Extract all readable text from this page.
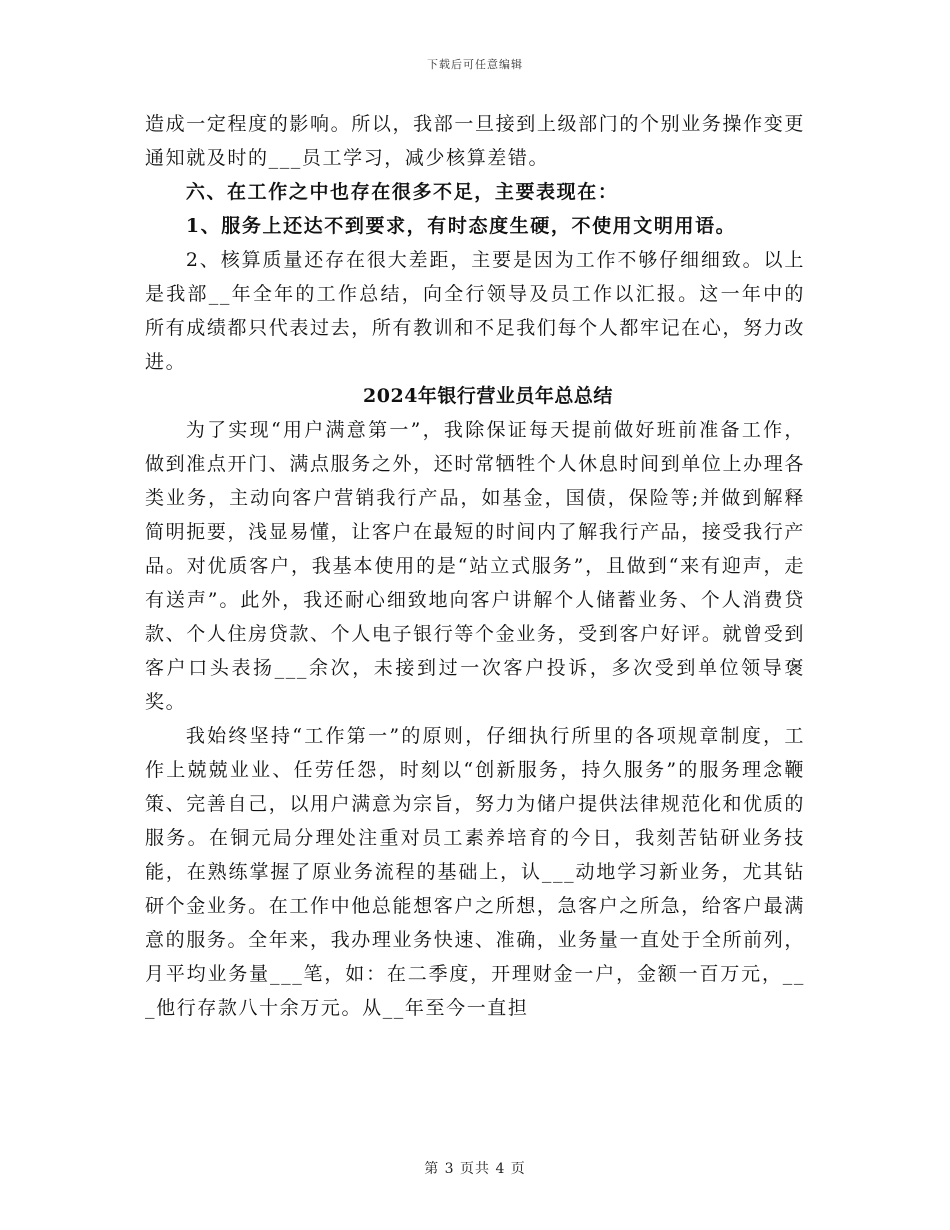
下载后可任意编辑

造成一定程度的影响。所以，我部一旦接到上级部门的个别业务操作变更通知就及时的___员工学习，减少核算差错。

六、在工作之中也存在很多不足，主要表现在：

1、服务上还达不到要求，有时态度生硬，不使用文明用语。

2、核算质量还存在很大差距，主要是因为工作不够仔细细致。以上是我部__年全年的工作总结，向全行领导及员工作以汇报。这一年中的所有成绩都只代表过去，所有教训和不足我们每个人都牢记在心，努力改进。

2024年银行营业员年总总结

为了实现“用户满意第一”，我除保证每天提前做好班前准备工作，做到准点开门、满点服务之外，还时常牺牲个人休息时间到单位上办理各类业务，主动向客户营销我行产品，如基金，国债，保险等;并做到解释简明扼要，浅显易懂，让客户在最短的时间内了解我行产品，接受我行产品。对优质客户，我基本使用的是“站立式服务”，且做到“来有迎声，走有送声”。此外，我还耐心细致地向客户讲解个人储蓄业务、个人消费贷款、个人住房贷款、个人电子银行等个金业务，受到客户好评。就曾受到客户口头表扬___余次，未接到过一次客户投诉，多次受到单位领导褒奖。

我始终坚持“工作第一”的原则，仔细执行所里的各项规章制度，工作上兢兢业业、任劳任怨，时刻以“创新服务，持久服务”的服务理念鞭策、完善自己，以用户满意为宗旨，努力为储户提供法律规范化和优质的服务。在铜元局分理处注重对员工素养培育的今日，我刻苦钻研业务技能，在熟练掌握了原业务流程的基础上，认___动地学习新业务，尤其钻研个金业务。在工作中他总能想客户之所想，急客户之所急，给客户最满意的服务。全年来，我办理业务快速、准确，业务量一直处于全所前列，月平均业务量___笔，如：在二季度，开理财金一户，金额一百万元，___他行存款八十余万元。从__年至今一直担

第 3 页共 4 页
